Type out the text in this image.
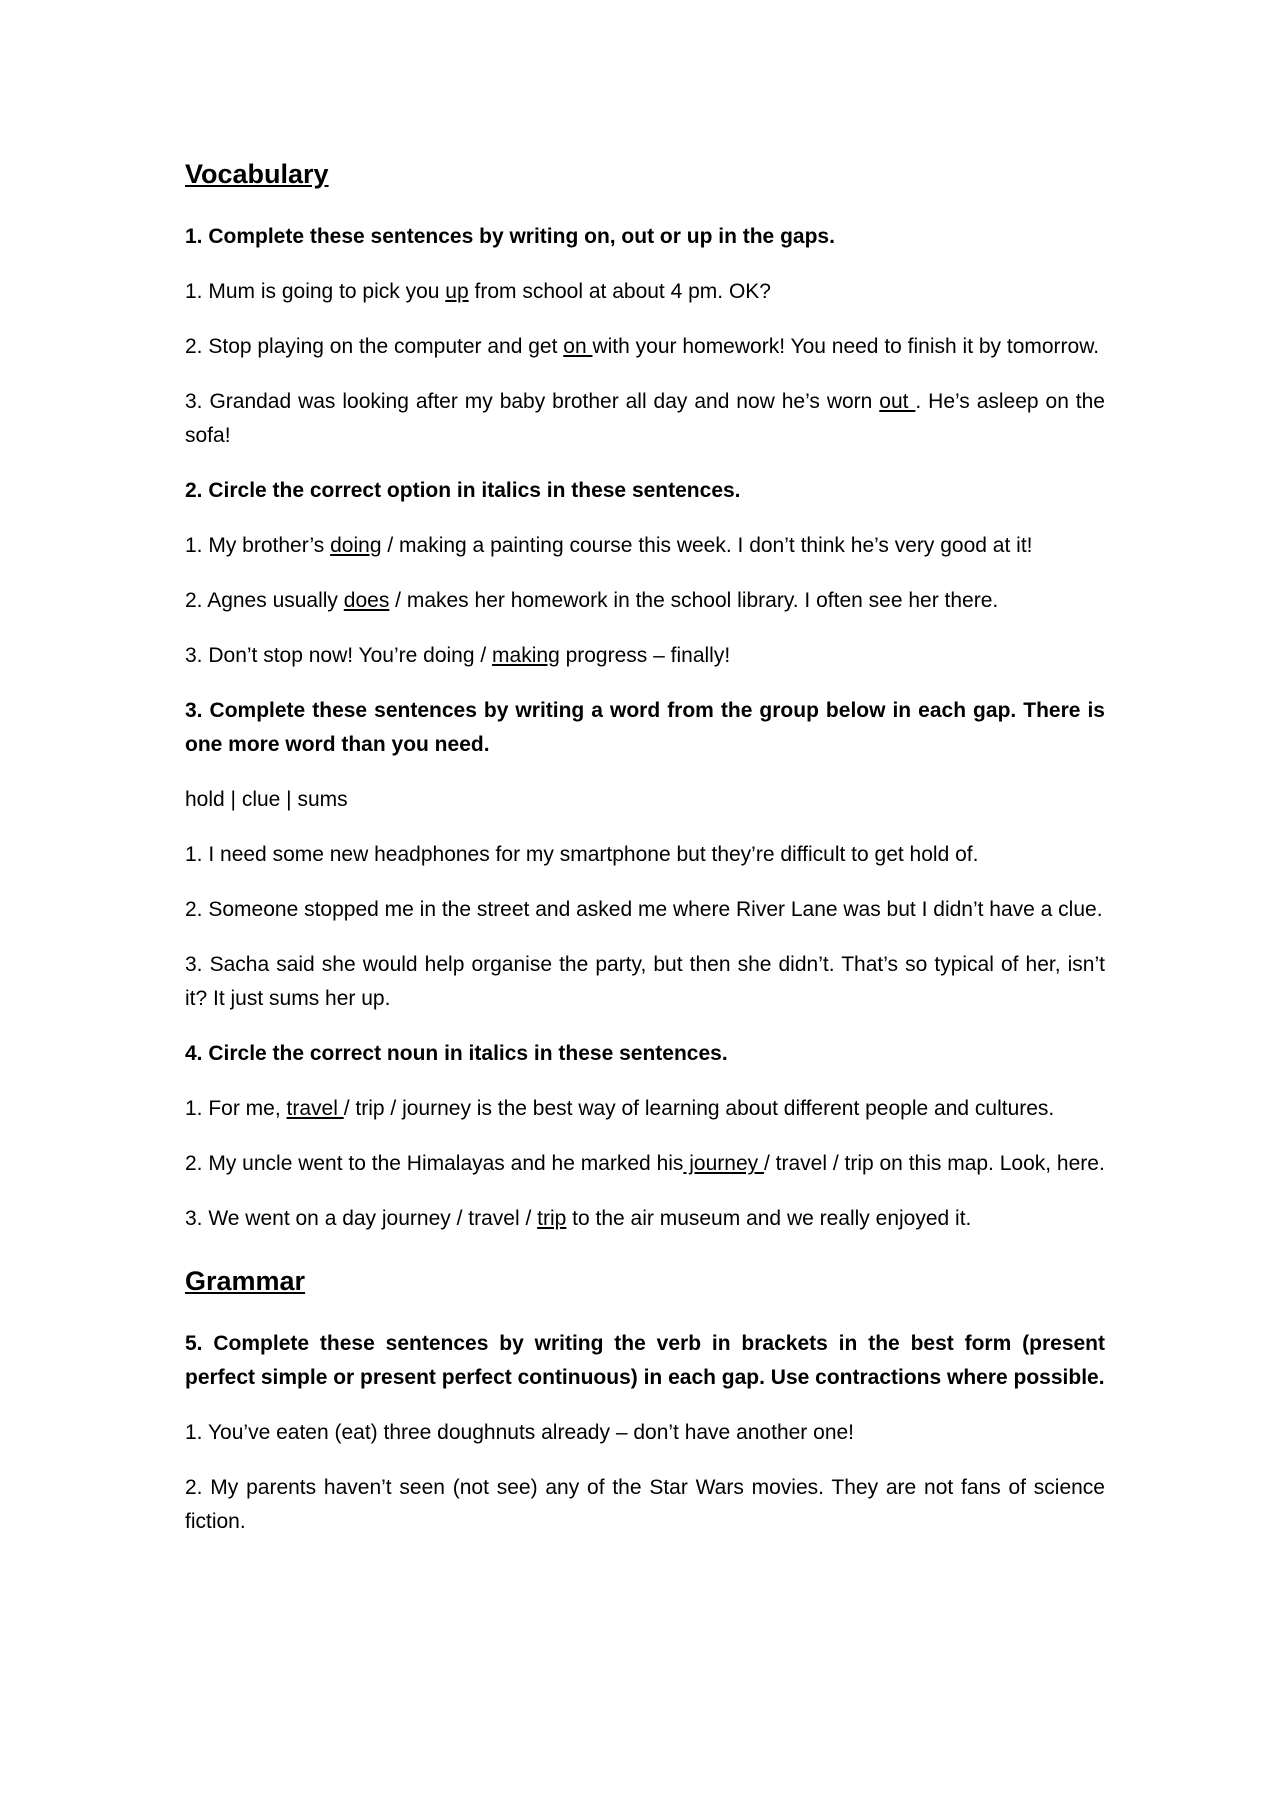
Vocabulary

1. Complete these sentences by writing on, out or up in the gaps.

1. Mum is going to pick you up from school at about 4 pm. OK?

2. Stop playing on the computer and get on with your homework! You need to finish it by tomorrow.

3. Grandad was looking after my baby brother all day and now he’s worn out . He’s asleep on the sofa!

2. Circle the correct option in italics in these sentences.

1. My brother’s doing / making a painting course this week. I don’t think he’s very good at it!

2. Agnes usually does / makes her homework in the school library. I often see her there.

3. Don’t stop now! You’re doing / making progress – finally!

3. Complete these sentences by writing a word from the group below in each gap. There is one more word than you need.

hold | clue | sums

1. I need some new headphones for my smartphone but they’re difficult to get hold of.

2. Someone stopped me in the street and asked me where River Lane was but I didn’t have a clue.

3. Sacha said she would help organise the party, but then she didn’t. That’s so typical of her, isn’t it? It just sums her up.

4. Circle the correct noun in italics in these sentences.

1. For me, travel / trip / journey is the best way of learning about different people and cultures.

2. My uncle went to the Himalayas and he marked his journey / travel / trip on this map. Look, here.

3. We went on a day journey / travel / trip to the air museum and we really enjoyed it.

Grammar

5. Complete these sentences by writing the verb in brackets in the best form (present perfect simple or present perfect continuous) in each gap. Use contractions where possible.

1. You’ve eaten (eat) three doughnuts already – don’t have another one!

2. My parents haven’t seen (not see) any of the Star Wars movies. They are not fans of science fiction.
